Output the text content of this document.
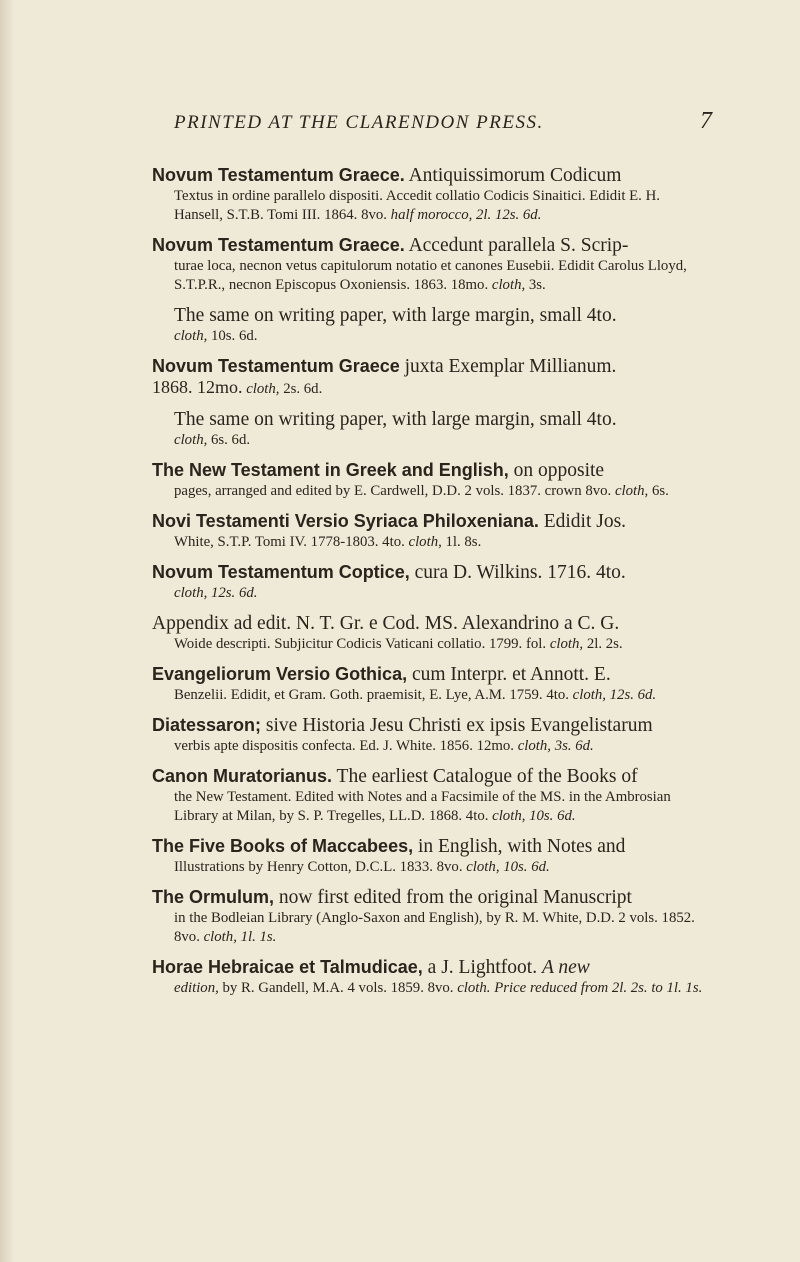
PRINTED AT THE CLARENDON PRESS.	7

Novum Testamentum Graece. Antiquissimorum Codicum

Textus in ordine parallelo dispositi. Accedit collatio Codicis Sinaitici. Edidit E. H. Hansell, S.T.B. Tomi III. 1864. 8vo. half morocco, 2l. 12s. 6d.

Novum Testamentum Graece. Accedunt parallela S. Scrip-

turae loca, necnon vetus capitulorum notatio et canones Eusebii. Edidit Carolus Lloyd, S.T.P.R., necnon Episcopus Oxoniensis. 1863. 18mo. cloth, 3s.

The same on writing paper, with large margin, small 4to.

cloth, 10s. 6d.

Novum Testamentum Graece juxta Exemplar Millianum.

1868. 12mo. cloth, 2s. 6d.

The same on writing paper, with large margin, small 4to.

cloth, 6s. 6d.

The New Testament in Greek and English, on opposite

pages, arranged and edited by E. Cardwell, D.D. 2 vols. 1837. crown 8vo. cloth, 6s.

Novi Testamenti Versio Syriaca Philoxeniana. Edidit Jos.

White, S.T.P. Tomi IV. 1778-1803. 4to. cloth, 1l. 8s.

Novum Testamentum Coptice, cura D. Wilkins. 1716. 4to.

cloth, 12s. 6d.

Appendix ad edit. N. T. Gr. e Cod. MS. Alexandrino a C. G.

Woide descripti. Subjicitur Codicis Vaticani collatio. 1799. fol. cloth, 2l. 2s.

Evangeliorum Versio Gothica, cum Interpr. et Annott. E.

Benzelii. Edidit, et Gram. Goth. praemisit, E. Lye, A.M. 1759. 4to. cloth, 12s. 6d.

Diatessaron; sive Historia Jesu Christi ex ipsis Evangelistarum

verbis apte dispositis confecta. Ed. J. White. 1856. 12mo. cloth, 3s. 6d.

Canon Muratorianus. The earliest Catalogue of the Books of

the New Testament. Edited with Notes and a Facsimile of the MS. in the Ambrosian Library at Milan, by S. P. Tregelles, LL.D. 1868. 4to. cloth, 10s. 6d.

The Five Books of Maccabees, in English, with Notes and

Illustrations by Henry Cotton, D.C.L. 1833. 8vo. cloth, 10s. 6d.

The Ormulum, now first edited from the original Manuscript

in the Bodleian Library (Anglo-Saxon and English), by R. M. White, D.D. 2 vols. 1852. 8vo. cloth, 1l. 1s.

Horae Hebraicae et Talmudicae, a J. Lightfoot. A new

edition, by R. Gandell, M.A. 4 vols. 1859. 8vo. cloth. Price reduced from 2l. 2s. to 1l. 1s.
